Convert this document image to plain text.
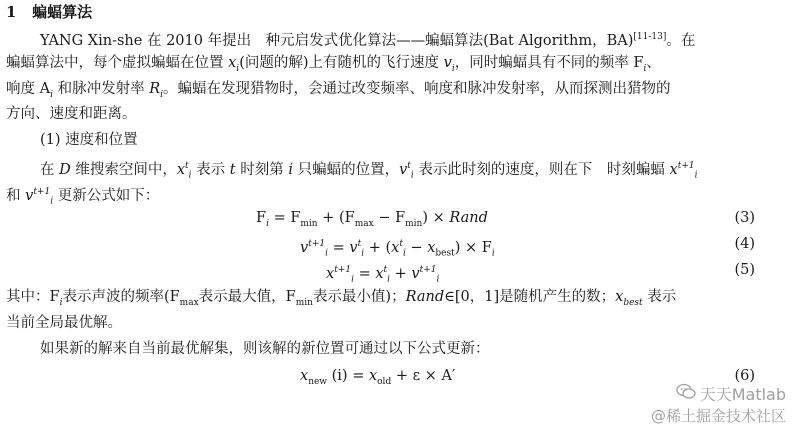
1 蝙蝠算法
YANG Xin-she 在 2010 年提出　种元启发式优化算法——蝙蝠算法(Bat Algorithm，BA)[11-13]。在
蝙蝠算法中，每个虚拟蝙蝠在位置 $x_i$(问题的解)上有随机的飞行速度 $v_i$，同时蝙蝠具有不同的频率 $F_i$、
响度 $A_i$ 和脉冲发射率 $R_i$。蝙蝠在发现猎物时，会通过改变频率、响度和脉冲发射率，从而探测出猎物的
方向、速度和距离。
(1) 速度和位置
在 D 维搜索空间中，$x^t_i$ 表示 t 时刻第 i 只蝙蝠的位置，$v^t_i$ 表示此时刻的速度，则在下　时刻蝙蝠 $x^{t+1}_i$
和 $v^{t+1}_i$ 更新公式如下：
$F_i = F_{min} + (F_{max} - F_{min})$ × Rand	(3)
$v^{t+1}_i = v^t_i + (x^t_i - x_{best}) \times F_i$
(4)
$x^{t+1}_i = x^t_i + v^{t+1}_i$
(5)
其中：$F_i$表示声波的频率($F_{max}$表示最大值，$F_{min}$表示最小值)；Rand∈[0，1]是随机产生的数；$x_{best}$ 表示
当前全局最优解。
如果新的解来自当前最优解集，则该解的新位置可通过以下公式更新：
$x_{new}$ $(i) = x_{old} + \varepsilon \times A'$	(6)
天天Matlab
@稀土掘金技术社区
